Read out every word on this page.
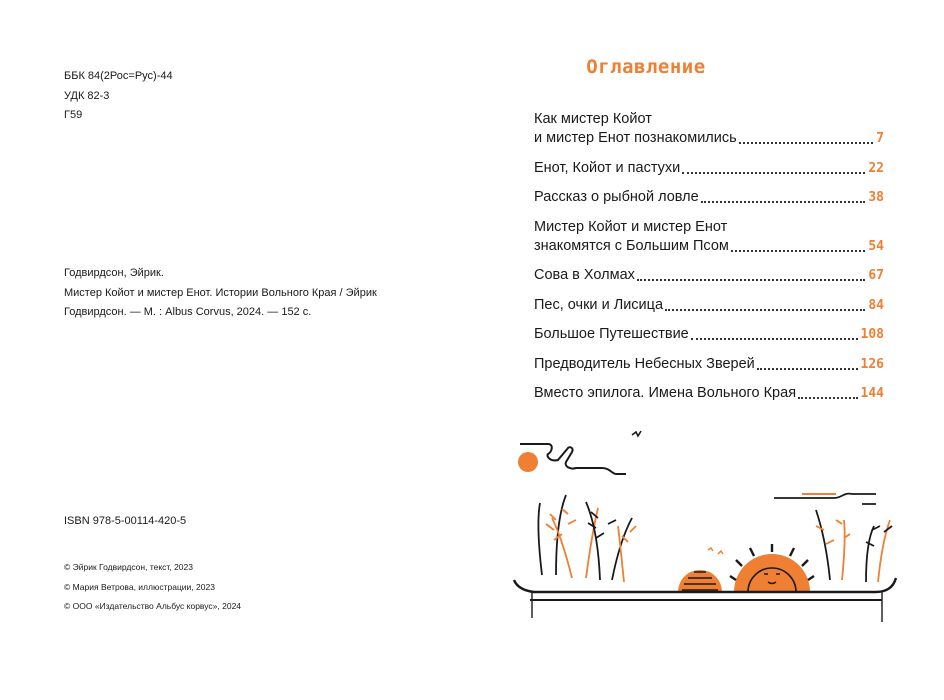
ББК 84(2Рос=Рус)-44
УДК 82-3
Г59
Годвирдсон, Эйрик.
Мистер Койот и мистер Енот. Истории Вольного Края / Эйрик
Годвирдсон. — М. : Albus Corvus, 2024. — 152 с.
ISBN 978-5-00114-420-5
© Эйрик Годвирдсон, текст, 2023
© Мария Ветрова, иллюстрации, 2023
© ООО «Издательство Альбус корвус», 2024
Оглавление
Как мистер Койот
и мистер Енот познакомились	7
Енот, Койот и пастухи	22
Рассказ о рыбной ловле	38
Мистер Койот и мистер Енот
знакомятся с Большим Псом	54
Сова в Холмах	67
Пес, очки и Лисица	84
Большое Путешествие	108
Предводитель Небесных Зверей	126
Вместо эпилога. Имена Вольного Края	144
